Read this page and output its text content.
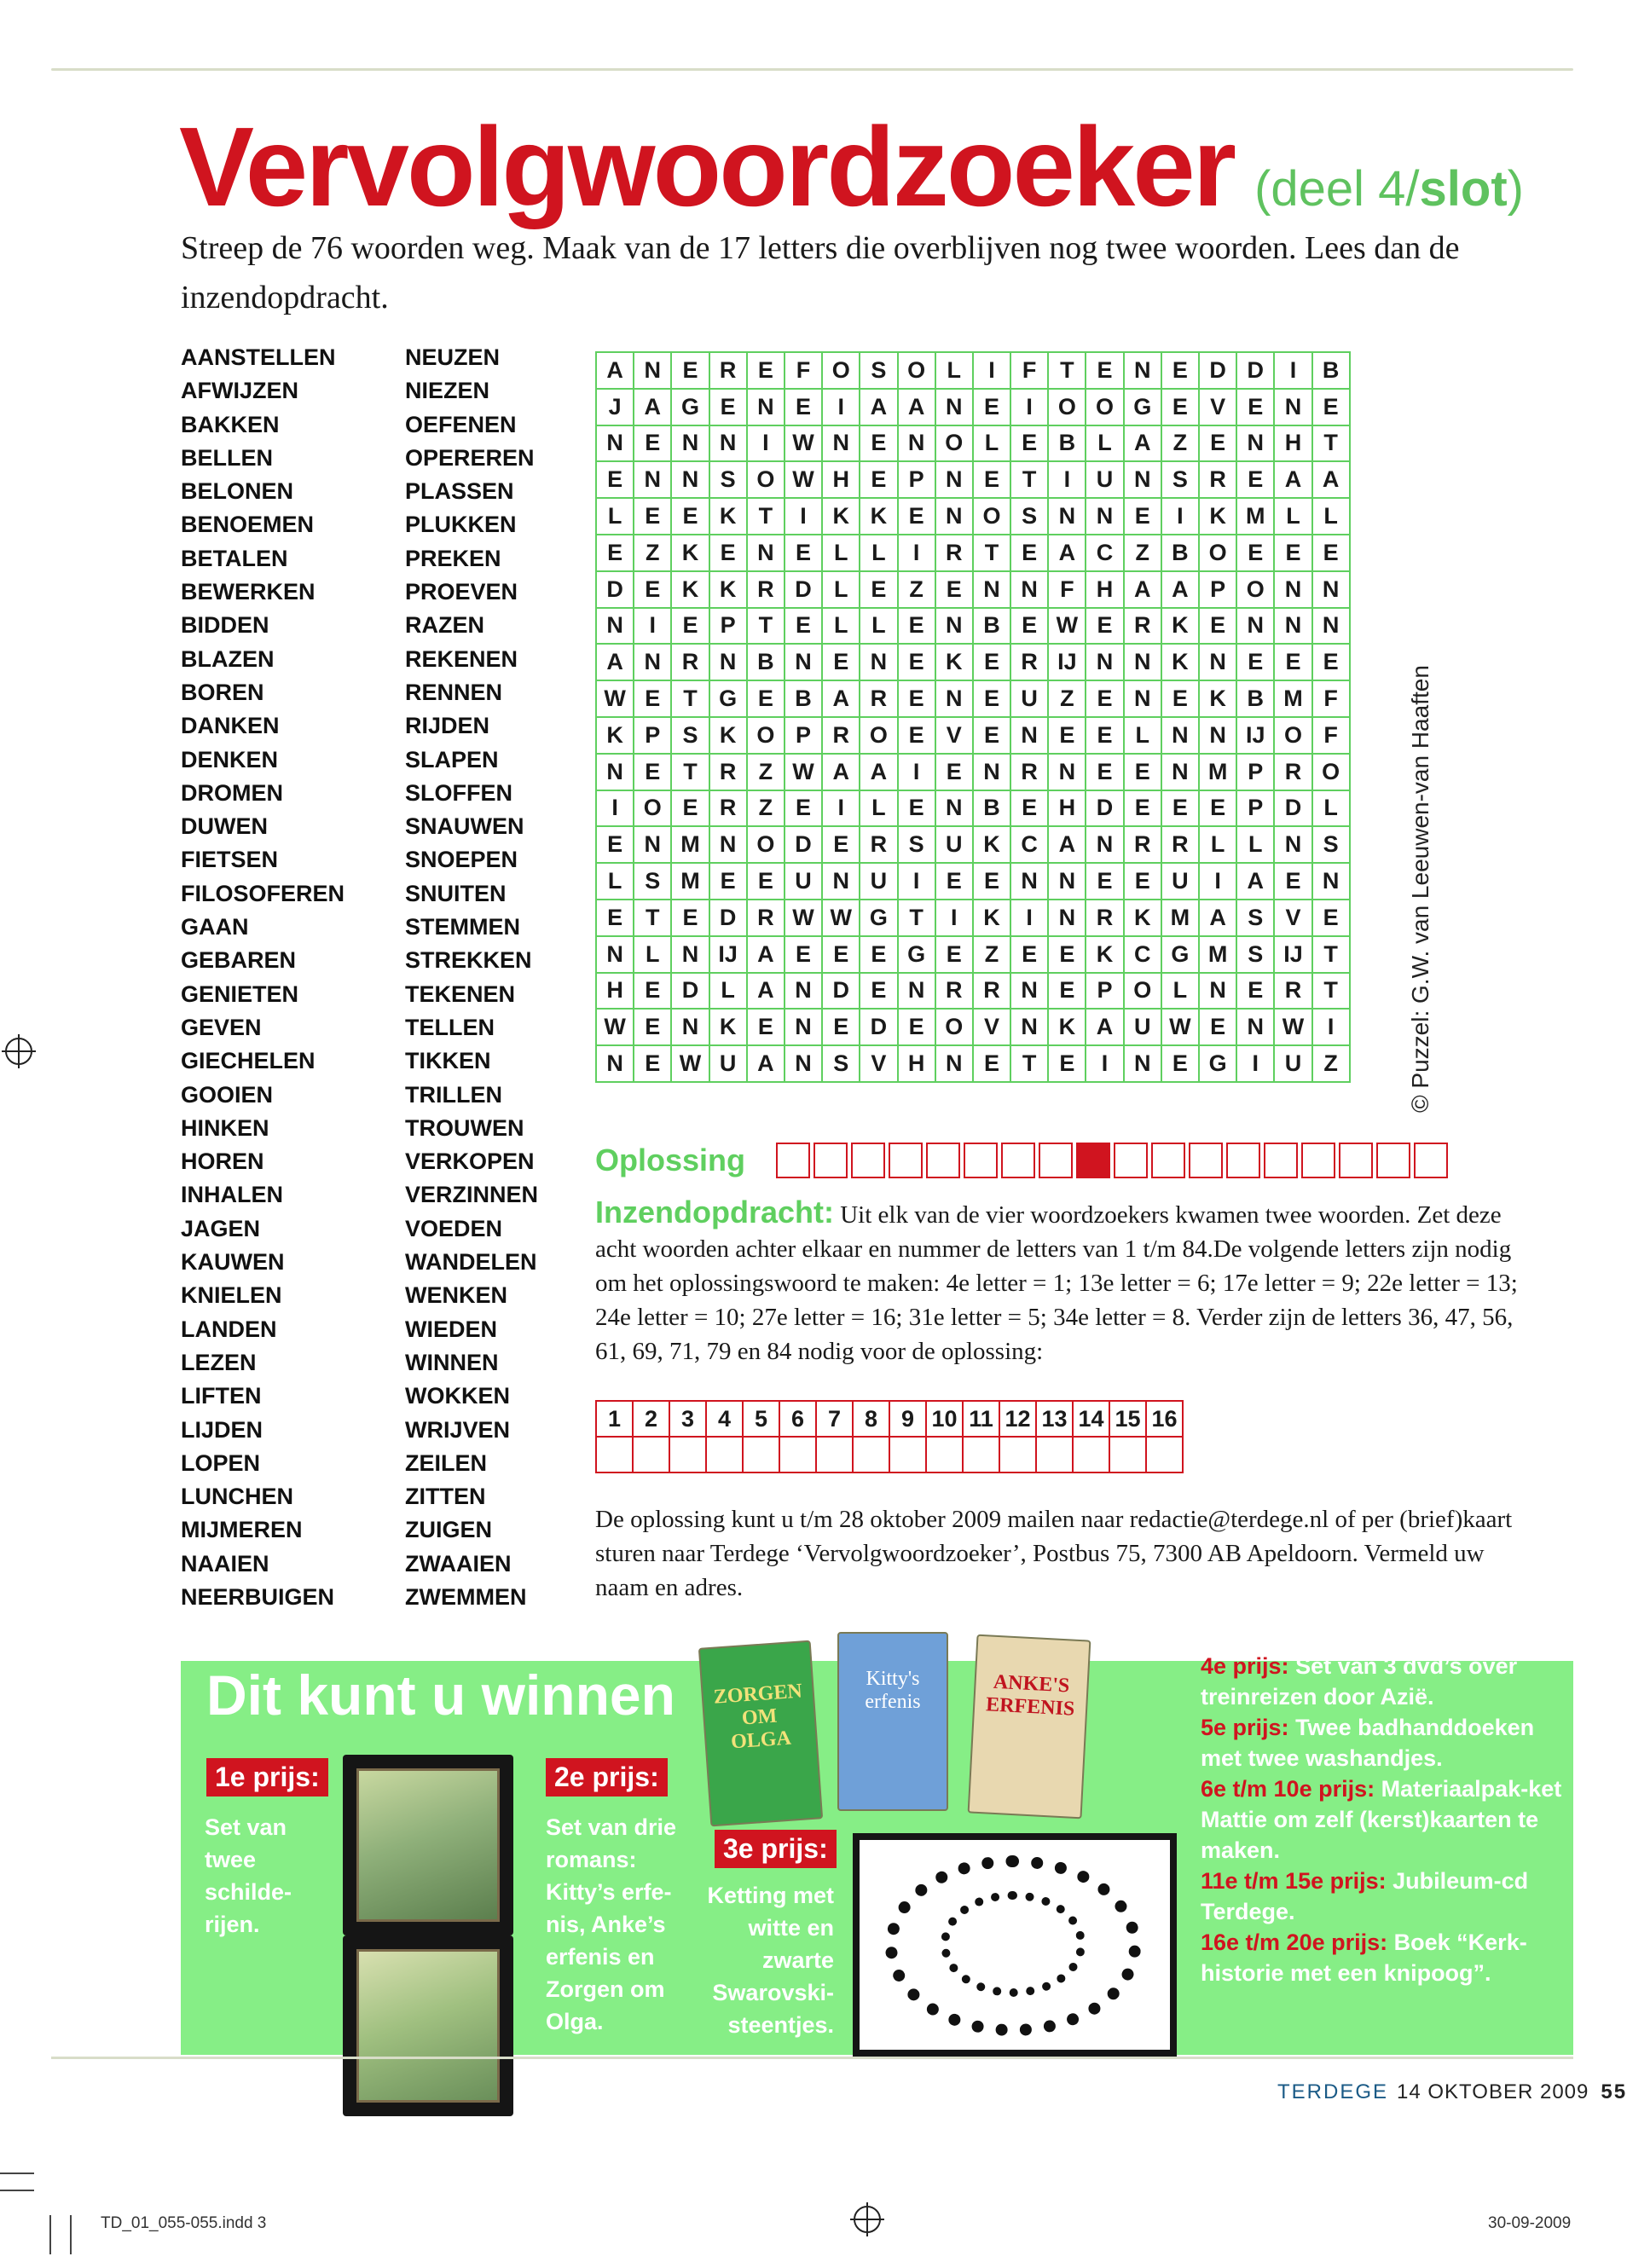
Vervolgwoordzoeker (deel 4/slot)
Streep de 76 woorden weg. Maak van de 17 letters die overblijven nog twee woorden. Lees dan de inzendopdracht.
AANSTELLEN
AFWIJZEN
BAKKEN
BELLEN
BELONEN
BENOEMEN
BETALEN
BEWERKEN
BIDDEN
BLAZEN
BOREN
DANKEN
DENKEN
DROMEN
DUWEN
FIETSEN
FILOSOFEREN
GAAN
GEBAREN
GENIETEN
GEVEN
GIECHELEN
GOOIEN
HINKEN
HOREN
INHALEN
JAGEN
KAUWEN
KNIELEN
LANDEN
LEZEN
LIFTEN
LIJDEN
LOPEN
LUNCHEN
MIJMEREN
NAAIEN
NEERBUIGEN
NEUZEN
NIEZEN
OEFENEN
OPEREREN
PLASSEN
PLUKKEN
PREKEN
PROEVEN
RAZEN
REKENEN
RENNEN
RIJDEN
SLAPEN
SLOFFEN
SNAUWEN
SNOEPEN
SNUITEN
STEMMEN
STREKKEN
TEKENEN
TELLEN
TIKKEN
TRILLEN
TROUWEN
VERKOPEN
VERZINNEN
VOEDEN
WANDELEN
WENKEN
WIEDEN
WINNEN
WOKKEN
WRIJVEN
ZEILEN
ZITTEN
ZUIGEN
ZWAAIEN
ZWEMMEN
A	N	E	R	E	F	O	S	O	L	I	F	T	E	N	E	D	D	I	B
J	A	G	E	N	E	I	A	A	N	E	I	O	O	G	E	V	E	N	E
N	E	N	N	I	W	N	E	N	O	L	E	B	L	A	Z	E	N	H	T
E	N	N	S	O	W	H	E	P	N	E	T	I	U	N	S	R	E	A	A
L	E	E	K	T	I	K	K	E	N	O	S	N	N	E	I	K	M	L	L
E	Z	K	E	N	E	L	L	I	R	T	E	A	C	Z	B	O	E	E	E
D	E	K	K	R	D	L	E	Z	E	N	N	F	H	A	A	P	O	N	N
N	I	E	P	T	E	L	L	E	N	B	E	W	E	R	K	E	N	N	N
A	N	R	N	B	N	E	N	E	K	E	R	IJ	N	N	K	N	E	E	E
W	E	T	G	E	B	A	R	E	N	E	U	Z	E	N	E	K	B	M	F
K	P	S	K	O	P	R	O	E	V	E	N	E	E	L	N	N	IJ	O	F
N	E	T	R	Z	W	A	A	I	E	N	R	N	E	E	N	M	P	R	O
I	O	E	R	Z	E	I	L	E	N	B	E	H	D	E	E	E	P	D	L
E	N	M	N	O	D	E	R	S	U	K	C	A	N	R	R	L	L	N	S
L	S	M	E	E	U	N	U	I	E	E	N	N	E	E	U	I	A	E	N
E	T	E	D	R	W	W	G	T	I	K	I	N	R	K	M	A	S	V	E
N	L	N	IJ	A	E	E	E	G	E	Z	E	E	K	C	G	M	S	IJ	T
H	E	D	L	A	N	D	E	N	R	R	N	E	P	O	L	N	E	R	T
W	E	N	K	E	N	E	D	E	O	V	N	K	A	U	W	E	N	W	I
N	E	W	U	A	N	S	V	H	N	E	T	E	I	N	E	G	I	U	Z	© Puzzel: G.W. van Leeuwen-van Haaften
Oplossing
Inzendopdracht: Uit elk van de vier woordzoekers kwamen twee woorden. Zet deze acht woorden achter elkaar en nummer de letters van 1 t/m 84.De volgende letters zijn nodig om het oplossingswoord te maken: 4e letter = 1; 13e letter = 6; 17e letter = 9; 22e letter = 13; 24e letter = 10; 27e letter = 16; 31e letter = 5; 34e letter = 8. Verder zijn de letters 36, 47, 56, 61, 69, 71, 79 en 84 nodig voor de oplossing:
1	2	3	4	5	6	7	8	9	10	11	12	13	14	15	16

De oplossing kunt u t/m 28 oktober 2009 mailen naar redactie@terdege.nl of per (brief)kaart sturen naar Terdege ‘Vervolgwoordzoeker’, Postbus 75, 7300 AB Apeldoorn. Vermeld uw naam en adres.
Dit kunt u winnen
1e prijs:
Set van twee schilde-rijen.
2e prijs:
Set van drie romans: Kitty’s erfe-nis, Anke’s erfenis en Zorgen om Olga.
ZORGEN OM OLGA
Kitty's erfenis
ANKE'S ERFENIS
3e prijs:
Ketting met witte en zwarte Swarovski-steentjes.
4e prijs: Set van 3 dvd’s over treinreizen door Azië.
5e prijs: Twee badhanddoeken met twee washandjes.
6e t/m 10e prijs: Materiaalpak-ket Mattie om zelf (kerst)kaarten te maken.
11e t/m 15e prijs: Jubileum-cd Terdege.
16e t/m 20e prijs: Boek “Kerk-historie met een knipoog”.
TERDEGE 14 OKTOBER 2009 55
TD_01_055-055.indd 3	30-09-2009
